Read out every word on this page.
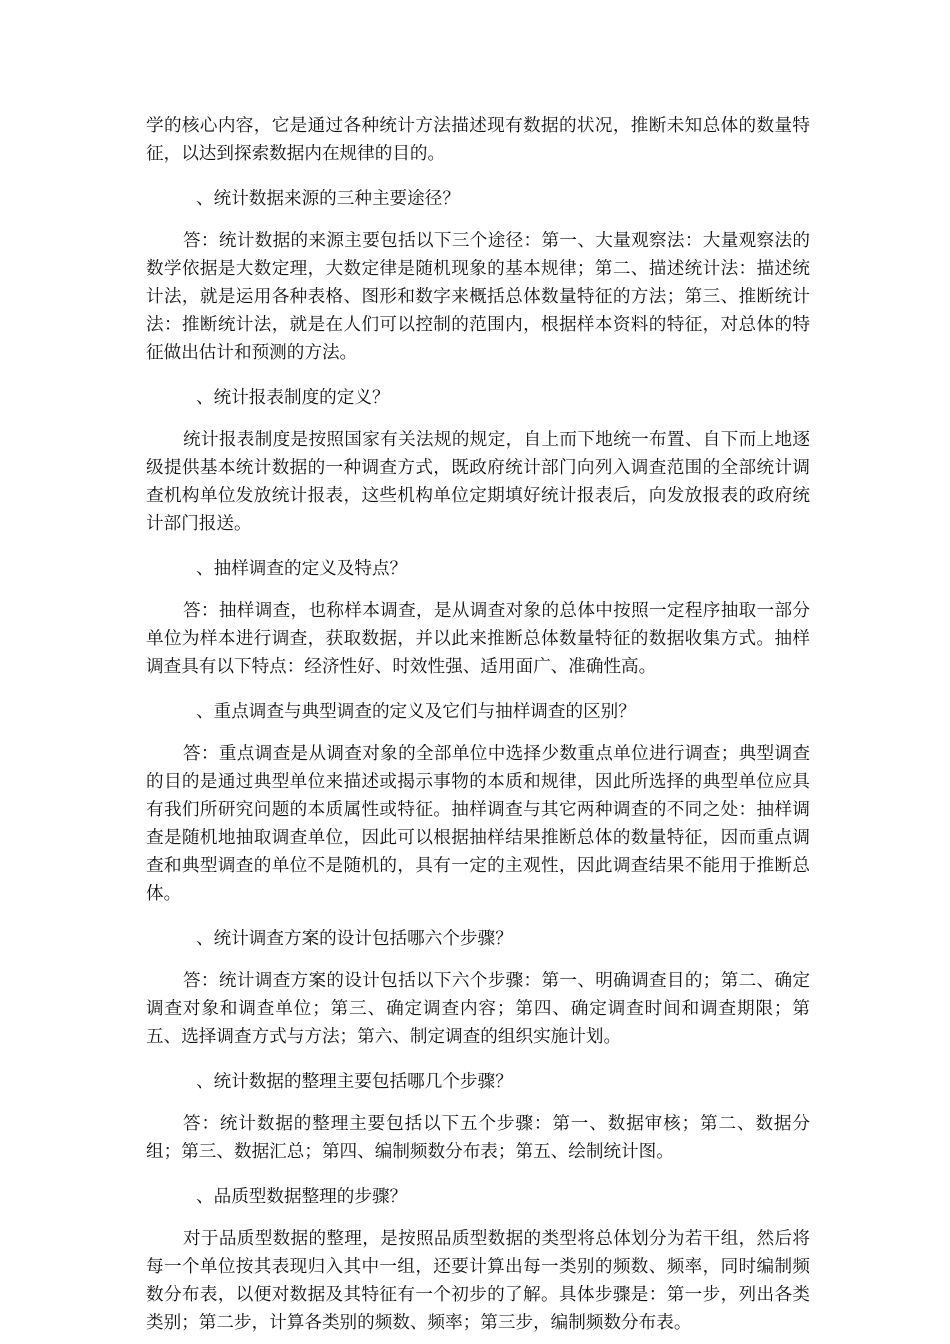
学的核心内容，它是通过各种统计方法描述现有数据的状况，推断未知总体的数量特征，以达到探索数据内在规律的目的。

、统计数据来源的三种主要途径？

答：统计数据的来源主要包括以下三个途径：第一、大量观察法：大量观察法的数学依据是大数定理，大数定律是随机现象的基本规律；第二、描述统计法：描述统计法，就是运用各种表格、图形和数字来概括总体数量特征的方法；第三、推断统计法：推断统计法，就是在人们可以控制的范围内，根据样本资料的特征，对总体的特征做出估计和预测的方法。

、统计报表制度的定义？

统计报表制度是按照国家有关法规的规定，自上而下地统一布置、自下而上地逐级提供基本统计数据的一种调查方式，既政府统计部门向列入调查范围的全部统计调查机构单位发放统计报表，这些机构单位定期填好统计报表后，向发放报表的政府统计部门报送。

、抽样调查的定义及特点？

答：抽样调查，也称样本调查，是从调查对象的总体中按照一定程序抽取一部分单位为样本进行调查，获取数据，并以此来推断总体数量特征的数据收集方式。抽样调查具有以下特点：经济性好、时效性强、适用面广、准确性高。

、重点调查与典型调查的定义及它们与抽样调查的区别？

答：重点调查是从调查对象的全部单位中选择少数重点单位进行调查；典型调查的目的是通过典型单位来描述或揭示事物的本质和规律，因此所选择的典型单位应具有我们所研究问题的本质属性或特征。抽样调查与其它两种调查的不同之处：抽样调查是随机地抽取调查单位，因此可以根据抽样结果推断总体的数量特征，因而重点调查和典型调查的单位不是随机的，具有一定的主观性，因此调查结果不能用于推断总体。

、统计调查方案的设计包括哪六个步骤？

答：统计调查方案的设计包括以下六个步骤：第一、明确调查目的；第二、确定调查对象和调查单位；第三、确定调查内容；第四、确定调查时间和调查期限；第五、选择调查方式与方法；第六、制定调查的组织实施计划。

、统计数据的整理主要包括哪几个步骤？

答：统计数据的整理主要包括以下五个步骤：第一、数据审核；第二、数据分组；第三、数据汇总；第四、编制频数分布表；第五、绘制统计图。

、品质型数据整理的步骤？

对于品质型数据的整理，是按照品质型数据的类型将总体划分为若干组，然后将每一个单位按其表现归入其中一组，还要计算出每一类别的频数、频率，同时编制频数分布表，以便对数据及其特征有一个初步的了解。具体步骤是：第一步，列出各类类别；第二步，计算各类别的频数、频率；第三步，编制频数分布表。
